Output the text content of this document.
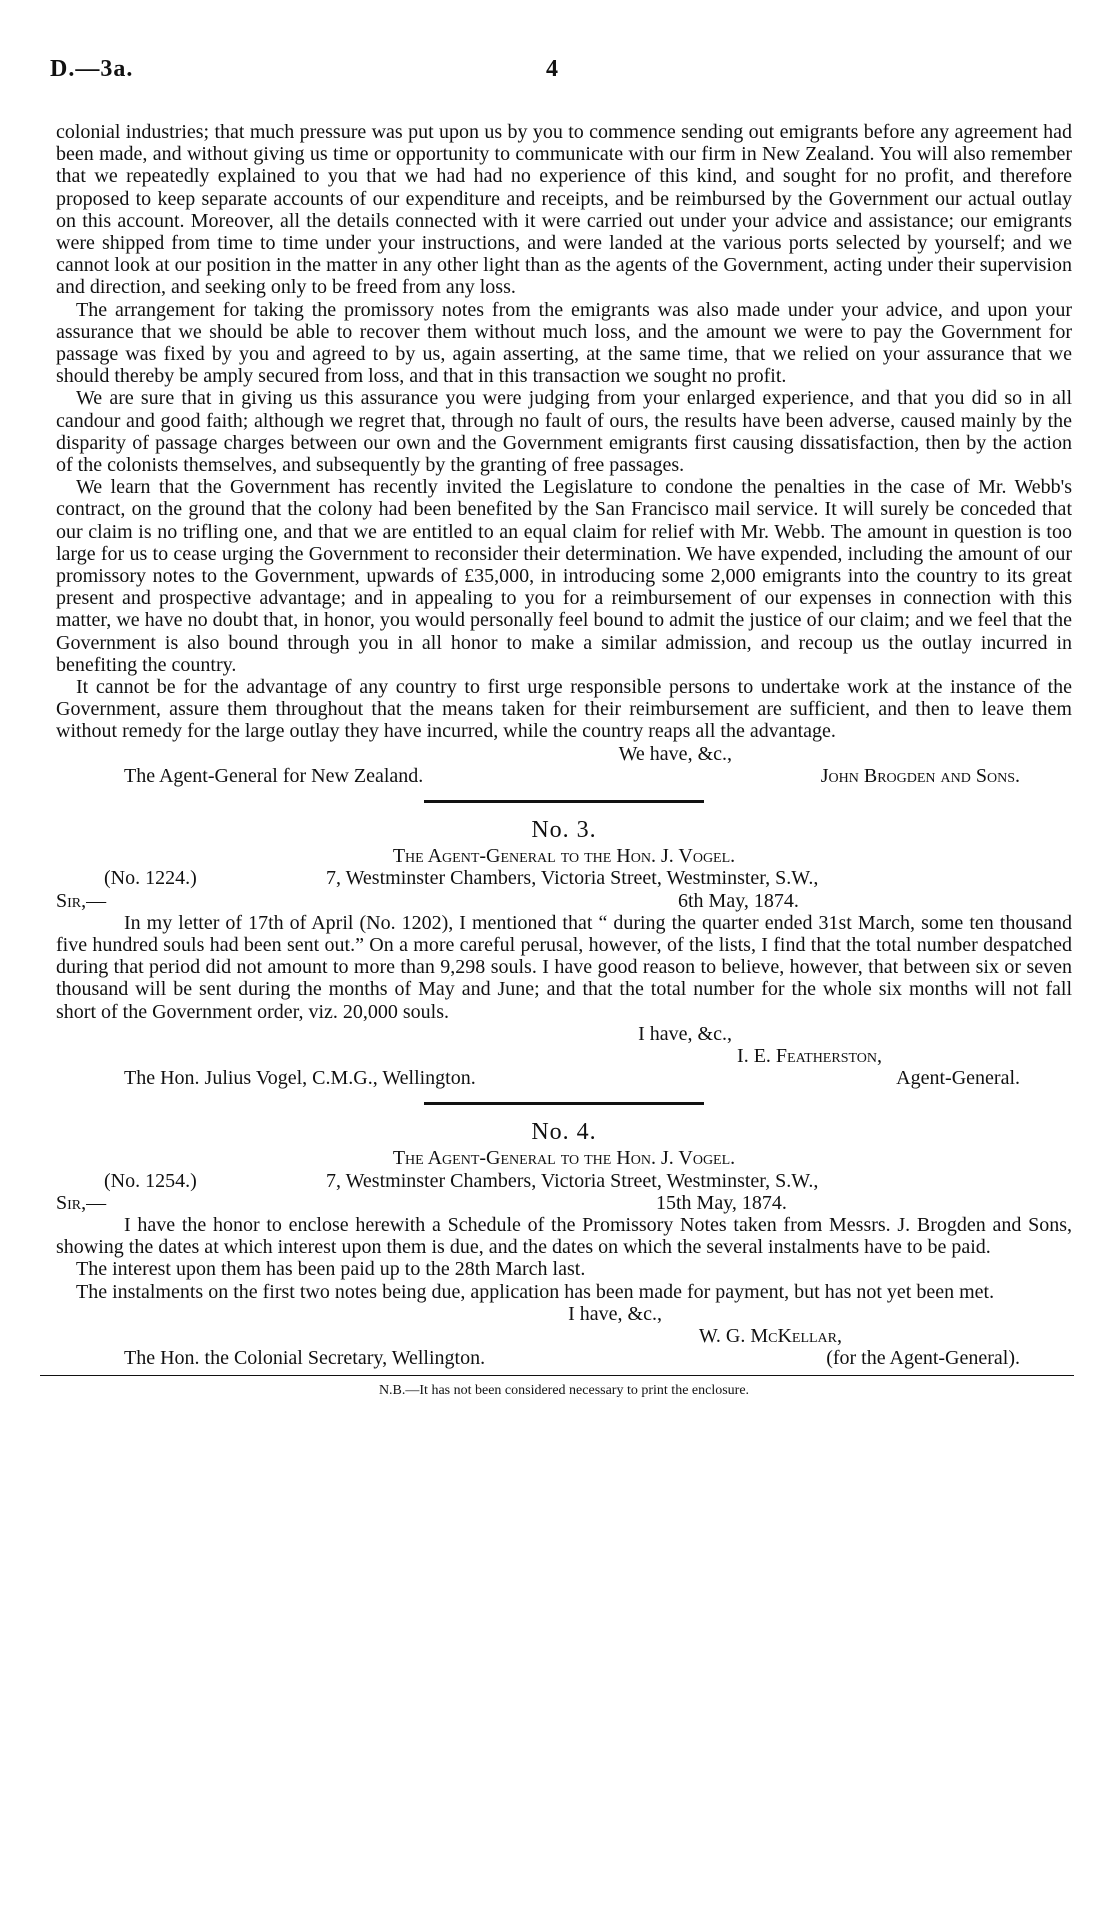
D.—3a.	4

colonial industries; that much pressure was put upon us by you to commence sending out emigrants before any agreement had been made, and without giving us time or opportunity to communicate with our firm in New Zealand. You will also remember that we repeatedly explained to you that we had had no experience of this kind, and sought for no profit, and therefore proposed to keep separate accounts of our expenditure and receipts, and be reimbursed by the Government our actual outlay on this account. Moreover, all the details connected with it were carried out under your advice and assistance; our emigrants were shipped from time to time under your instructions, and were landed at the various ports selected by yourself; and we cannot look at our position in the matter in any other light than as the agents of the Government, acting under their supervision and direction, and seeking only to be freed from any loss.

The arrangement for taking the promissory notes from the emigrants was also made under your advice, and upon your assurance that we should be able to recover them without much loss, and the amount we were to pay the Government for passage was fixed by you and agreed to by us, again asserting, at the same time, that we relied on your assurance that we should thereby be amply secured from loss, and that in this transaction we sought no profit.

We are sure that in giving us this assurance you were judging from your enlarged experience, and that you did so in all candour and good faith; although we regret that, through no fault of ours, the results have been adverse, caused mainly by the disparity of passage charges between our own and the Government emigrants first causing dissatisfaction, then by the action of the colonists themselves, and subsequently by the granting of free passages.

We learn that the Government has recently invited the Legislature to condone the penalties in the case of Mr. Webb's contract, on the ground that the colony had been benefited by the San Francisco mail service. It will surely be conceded that our claim is no trifling one, and that we are entitled to an equal claim for relief with Mr. Webb. The amount in question is too large for us to cease urging the Government to reconsider their determination. We have expended, including the amount of our promissory notes to the Government, upwards of £35,000, in introducing some 2,000 emigrants into the country to its great present and prospective advantage; and in appealing to you for a reimbursement of our expenses in connection with this matter, we have no doubt that, in honor, you would personally feel bound to admit the justice of our claim; and we feel that the Government is also bound through you in all honor to make a similar admission, and recoup us the outlay incurred in benefiting the country.

It cannot be for the advantage of any country to first urge responsible persons to undertake work at the instance of the Government, assure them throughout that the means taken for their reimbursement are sufficient, and then to leave them without remedy for the large outlay they have incurred, while the country reaps all the advantage.

We have, &c.,

The Agent-General for New Zealand.	John Brogden and Sons.
No. 3.
The Agent-General to the Hon. J. Vogel.
(No. 1224.)	7, Westminster Chambers, Victoria Street, Westminster, S.W.,
Sir,—	6th May, 1874.

In my letter of 17th of April (No. 1202), I mentioned that “ during the quarter ended 31st March, some ten thousand five hundred souls had been sent out.” On a more careful perusal, however, of the lists, I find that the total number despatched during that period did not amount to more than 9,298 souls. I have good reason to believe, however, that between six or seven thousand will be sent during the months of May and June; and that the total number for the whole six months will not fall short of the Government order, viz. 20,000 souls.

I have, &c.,

I. E. Featherston,

The Hon. Julius Vogel, C.M.G., Wellington.	Agent-General.
No. 4.
The Agent-General to the Hon. J. Vogel.
(No. 1254.)	7, Westminster Chambers, Victoria Street, Westminster, S.W.,
Sir,—	15th May, 1874.

I have the honor to enclose herewith a Schedule of the Promissory Notes taken from Messrs. J. Brogden and Sons, showing the dates at which interest upon them is due, and the dates on which the several instalments have to be paid.

The interest upon them has been paid up to the 28th March last.

The instalments on the first two notes being due, application has been made for payment, but has not yet been met.

I have, &c.,

W. G. McKellar,

The Hon. the Colonial Secretary, Wellington.	(for the Agent-General).
N.B.—It has not been considered necessary to print the enclosure.
